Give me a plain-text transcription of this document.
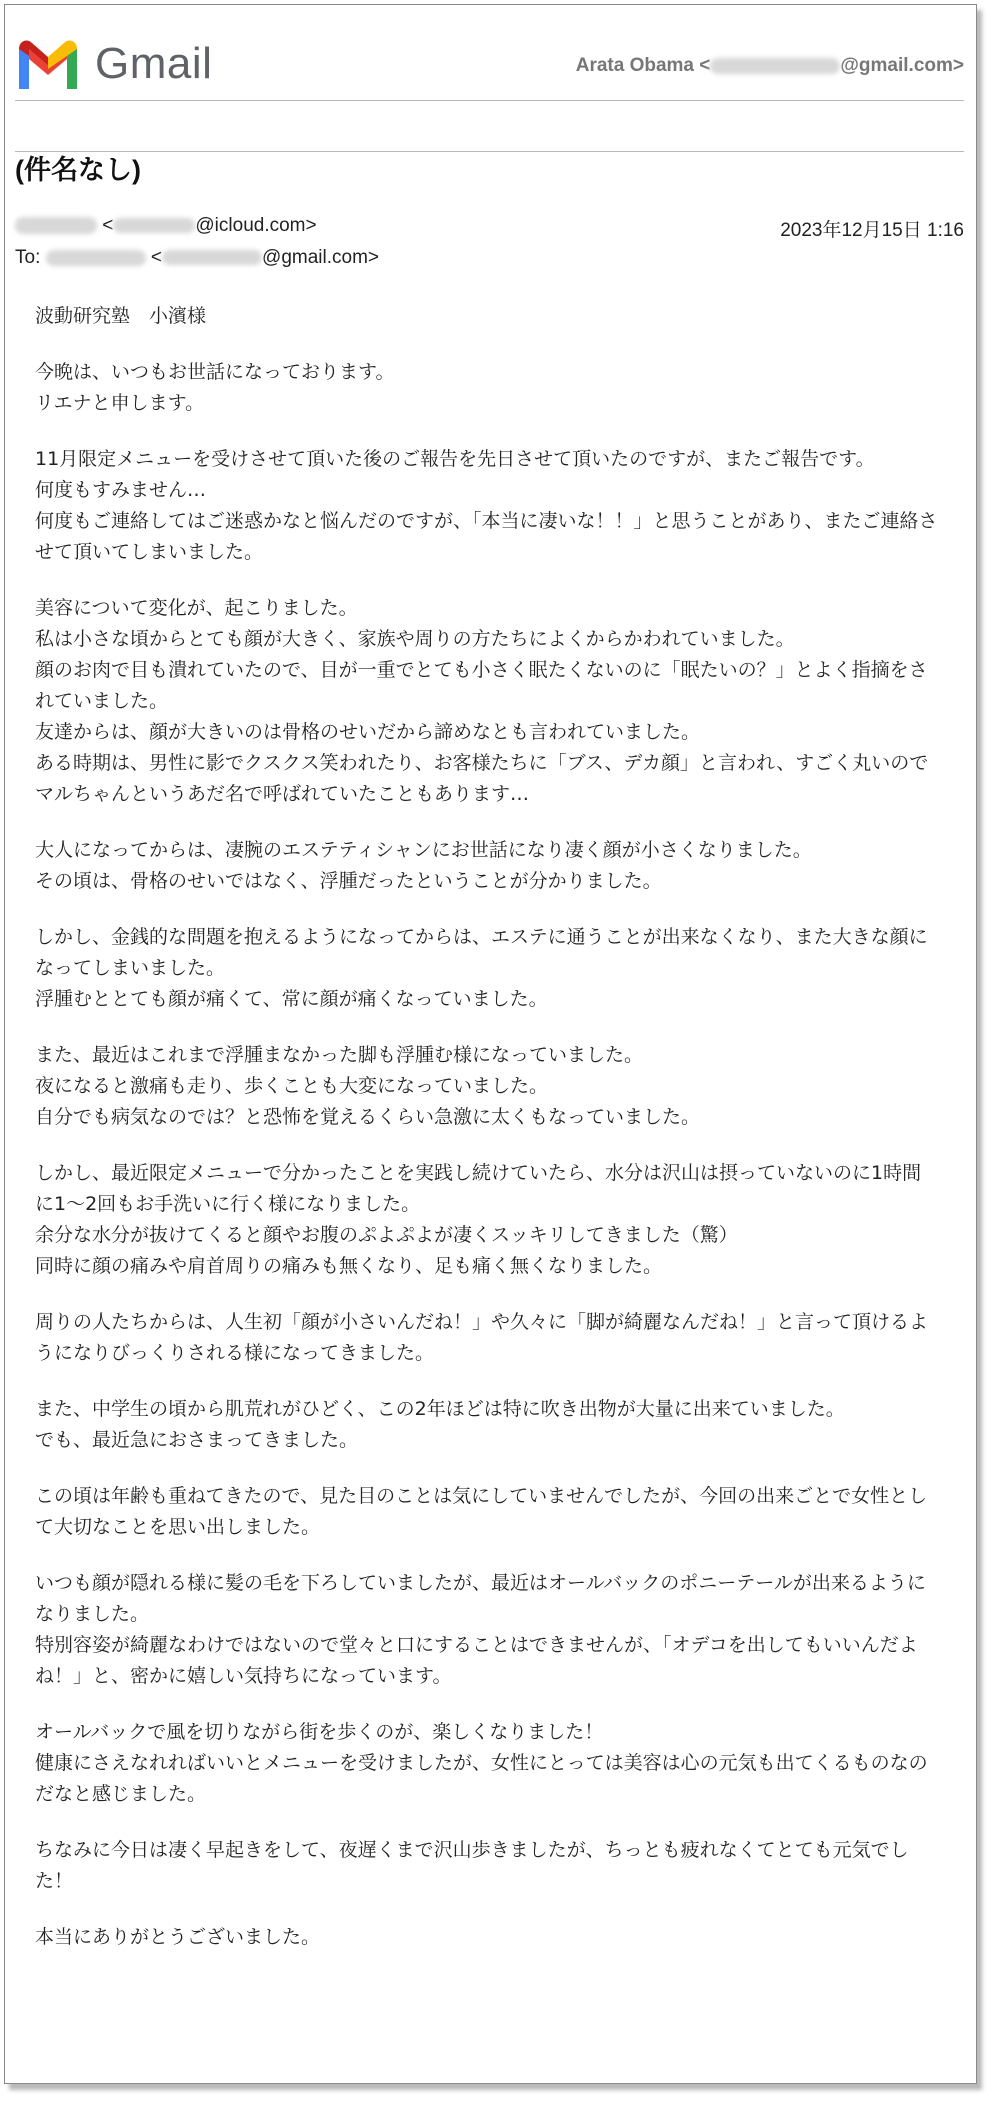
Gmail	Arata Obama <	@gmail.com>
(件名なし)
<	@icloud.com>	2023年12月15日 1:16
To:	<	@gmail.com>

波動研究塾　小濱様

今晩は、いつもお世話になっております。
リエナと申します。

11月限定メニューを受けさせて頂いた後のご報告を先日させて頂いたのですが、またご報告です。
何度もすみません…
何度もご連絡してはご迷惑かなと悩んだのですが、「本当に凄いな！！」と思うことがあり、またご連絡させて頂いてしまいました。

美容について変化が、起こりました。
私は小さな頃からとても顔が大きく、家族や周りの方たちによくからかわれていました。
顔のお肉で目も潰れていたので、目が一重でとても小さく眠たくないのに「眠たいの？」とよく指摘をされていました。
友達からは、顔が大きいのは骨格のせいだから諦めなとも言われていました。
ある時期は、男性に影でクスクス笑われたり、お客様たちに「ブス、デカ顔」と言われ、すごく丸いのでマルちゃんというあだ名で呼ばれていたこともあります…

大人になってからは、凄腕のエステティシャンにお世話になり凄く顔が小さくなりました。
その頃は、骨格のせいではなく、浮腫だったということが分かりました。

しかし、金銭的な問題を抱えるようになってからは、エステに通うことが出来なくなり、また大きな顔になってしまいました。
浮腫むととても顔が痛くて、常に顔が痛くなっていました。

また、最近はこれまで浮腫まなかった脚も浮腫む様になっていました。
夜になると激痛も走り、歩くことも大変になっていました。
自分でも病気なのでは？と恐怖を覚えるくらい急激に太くもなっていました。

しかし、最近限定メニューで分かったことを実践し続けていたら、水分は沢山は摂っていないのに1時間に1〜2回もお手洗いに行く様になりました。
余分な水分が抜けてくると顔やお腹のぷよぷよが凄くスッキリしてきました（驚）
同時に顔の痛みや肩首周りの痛みも無くなり、足も痛く無くなりました。

周りの人たちからは、人生初「顔が小さいんだね！」や久々に「脚が綺麗なんだね！」と言って頂けるようになりびっくりされる様になってきました。

また、中学生の頃から肌荒れがひどく、この2年ほどは特に吹き出物が大量に出来ていました。
でも、最近急におさまってきました。

この頃は年齢も重ねてきたので、見た目のことは気にしていませんでしたが、今回の出来ごとで女性として大切なことを思い出しました。

いつも顔が隠れる様に髪の毛を下ろしていましたが、最近はオールバックのポニーテールが出来るようになりました。
特別容姿が綺麗なわけではないので堂々と口にすることはできませんが、「オデコを出してもいいんだよね！」と、密かに嬉しい気持ちになっています。

オールバックで風を切りながら街を歩くのが、楽しくなりました！
健康にさえなれればいいとメニューを受けましたが、女性にとっては美容は心の元気も出てくるものなのだなと感じました。

ちなみに今日は凄く早起きをして、夜遅くまで沢山歩きましたが、ちっとも疲れなくてとても元気でした！

本当にありがとうございました。
